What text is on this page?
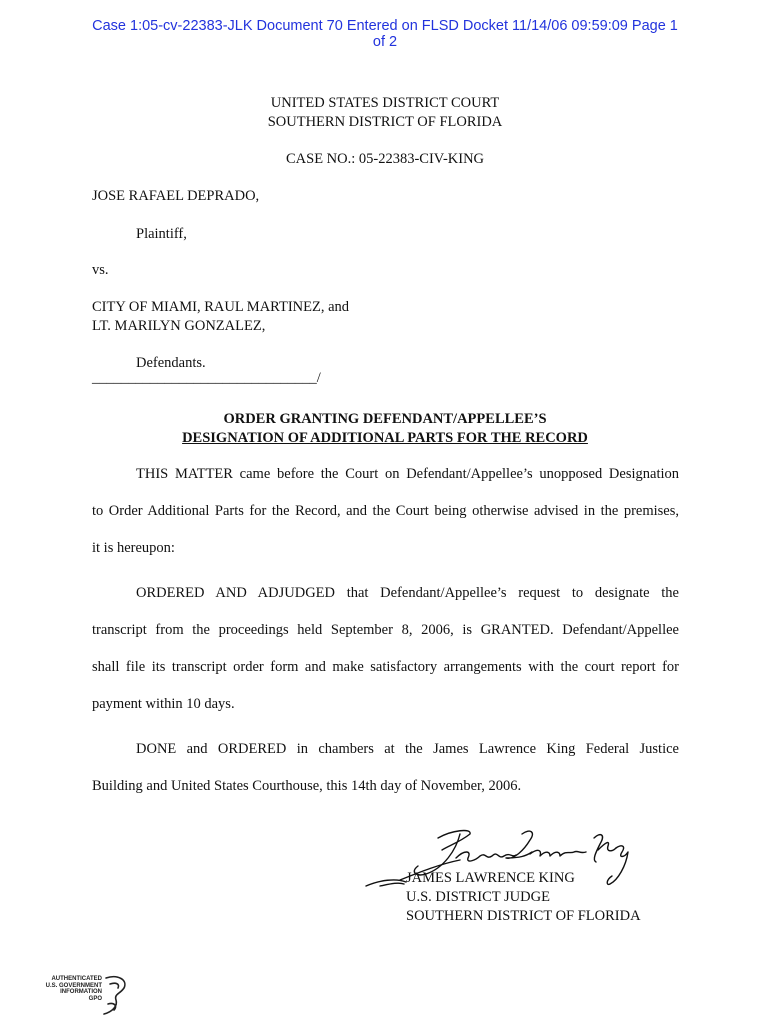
Case 1:05-cv-22383-JLK Document 70 Entered on FLSD Docket 11/14/06 09:59:09 Page 1
of 2
UNITED STATES DISTRICT COURT
SOUTHERN DISTRICT OF FLORIDA
CASE NO.: 05-22383-CIV-KING
JOSE RAFAEL DEPRADO,
Plaintiff,
vs.
CITY OF MIAMI, RAUL MARTINEZ, and
LT. MARILYN GONZALEZ,
Defendants.
_______________________________/
ORDER GRANTING DEFENDANT/APPELLEE’S
DESIGNATION OF ADDITIONAL PARTS FOR THE RECORD
THIS MATTER came before the Court on Defendant/Appellee’s unopposed Designation
to Order Additional Parts for the Record, and the Court being otherwise advised in the premises,
it is hereupon:
ORDERED AND ADJUDGED that Defendant/Appellee’s request to designate the
transcript from the proceedings held September 8, 2006, is GRANTED. Defendant/Appellee
shall file its transcript order form and make satisfactory arrangements with the court report for
payment within 10 days.
DONE and ORDERED in chambers at the James Lawrence King Federal Justice
Building and United States Courthouse, this 14th day of November, 2006.
JAMES LAWRENCE KING
U.S. DISTRICT JUDGE
SOUTHERN DISTRICT OF FLORIDA
AUTHENTICATED
U.S. GOVERNMENT
INFORMATION
GPO
